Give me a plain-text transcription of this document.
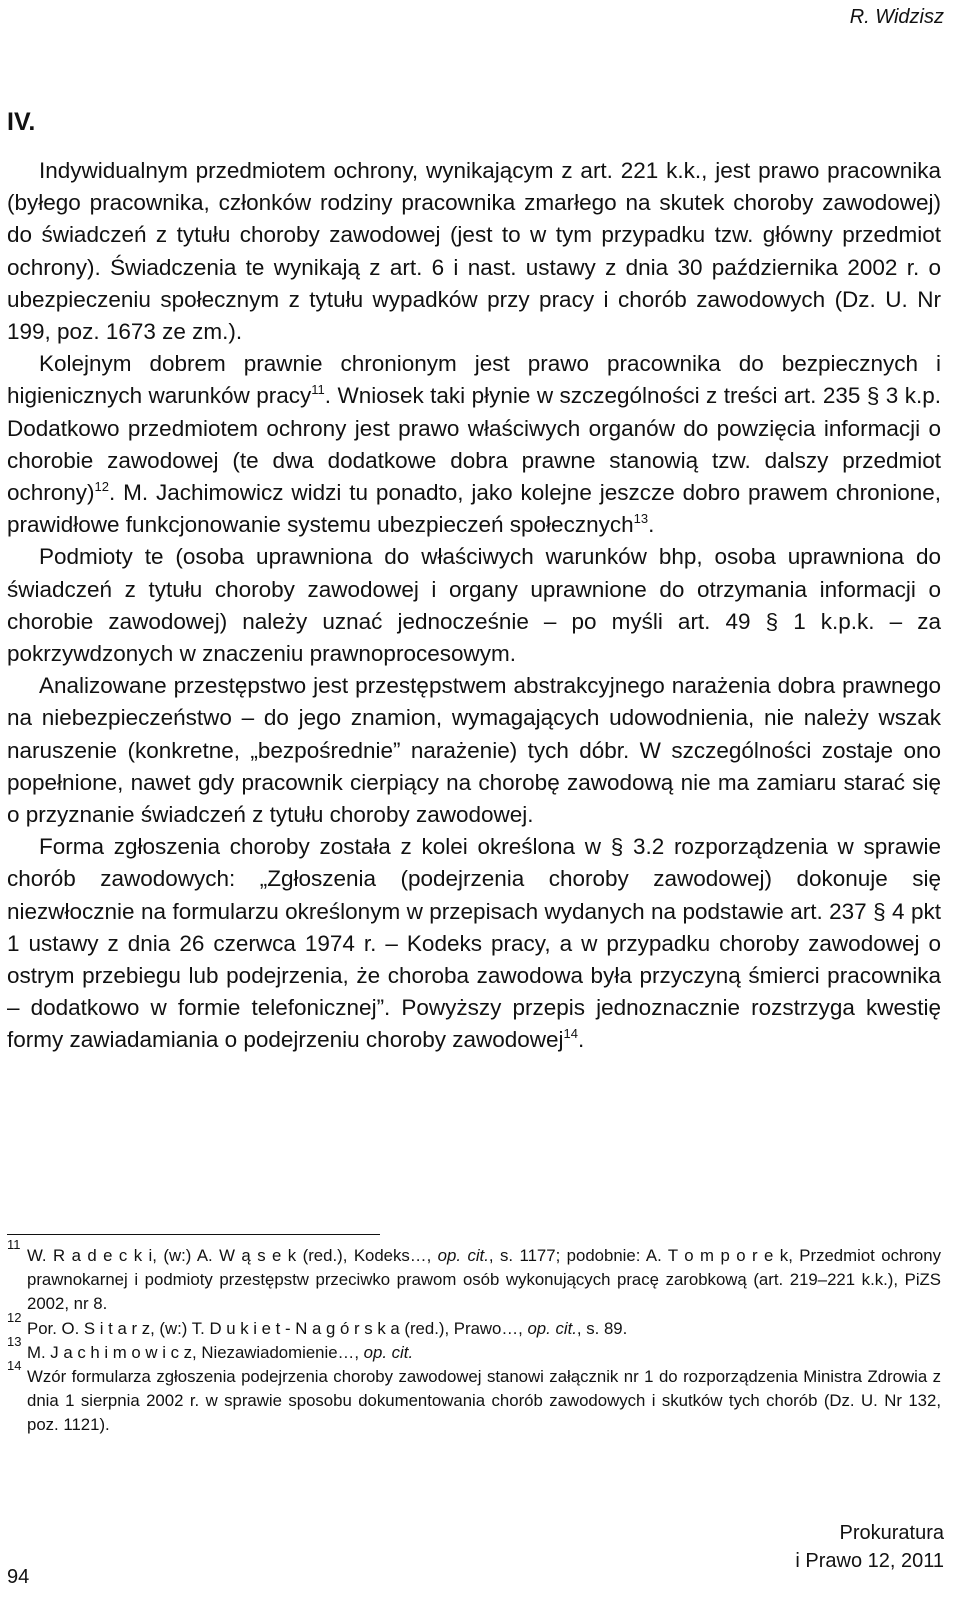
R. Widzisz

IV.

Indywidualnym przedmiotem ochrony, wynikającym z art. 221 k.k., jest prawo pracownika (byłego pracownika, członków rodziny pracownika zmarłego na skutek choroby zawodowej) do świadczeń z tytułu choroby zawodowej (jest to w tym przypadku tzw. główny przedmiot ochrony). Świadczenia te wynikają z art. 6 i nast. ustawy z dnia 30 października 2002 r. o ubezpieczeniu społecznym z tytułu wypadków przy pracy i chorób zawodowych (Dz. U. Nr 199, poz. 1673 ze zm.).

Kolejnym dobrem prawnie chronionym jest prawo pracownika do bezpiecznych i higienicznych warunków pracy$^{11}$. Wniosek taki płynie w szczególności z treści art. 235 § 3 k.p. Dodatkowo przedmiotem ochrony jest prawo właściwych organów do powzięcia informacji o chorobie zawodowej (te dwa dodatkowe dobra prawne stanowią tzw. dalszy przedmiot ochrony)$^{12}$. M. Jachimowicz widzi tu ponadto, jako kolejne jeszcze dobro prawem chronione, prawidłowe funkcjonowanie systemu ubezpieczeń społecznych$^{13}$.

Podmioty te (osoba uprawniona do właściwych warunków bhp, osoba uprawniona do świadczeń z tytułu choroby zawodowej i organy uprawnione do otrzymania informacji o chorobie zawodowej) należy uznać jednocześnie – po myśli art. 49 § 1 k.p.k. – za pokrzywdzonych w znaczeniu prawnoprocesowym.

Analizowane przestępstwo jest przestępstwem abstrakcyjnego narażenia dobra prawnego na niebezpieczeństwo – do jego znamion, wymagających udowodnienia, nie należy wszak naruszenie (konkretne, „bezpośrednie” narażenie) tych dóbr. W szczególności zostaje ono popełnione, nawet gdy pracownik cierpiący na chorobę zawodową nie ma zamiaru starać się o przyznanie świadczeń z tytułu choroby zawodowej.

Forma zgłoszenia choroby została z kolei określona w § 3.2 rozporządzenia w sprawie chorób zawodowych: „Zgłoszenia (podejrzenia choroby zawodowej) dokonuje się niezwłocznie na formularzu określonym w przepisach wydanych na podstawie art. 237 § 4 pkt 1 ustawy z dnia 26 czerwca 1974 r. – Kodeks pracy, a w przypadku choroby zawodowej o ostrym przebiegu lub podejrzenia, że choroba zawodowa była przyczyną śmierci pracownika – dodatkowo w formie telefonicznej”. Powyższy przepis jednoznacznie rozstrzyga kwestię formy zawiadamiania o podejrzeniu choroby zawodowej$^{14}$.

11
W. R a d e c k i, (w:) A. W ą s e k (red.), Kodeks…, op. cit., s. 1177; podobnie: A. T o m p o r e k, Przedmiot ochrony prawnokarnej i podmioty przestępstw przeciwko prawom osób wykonujących pracę zarobkową (art. 219–221 k.k.), PiZS 2002, nr 8.

12
Por. O. S i t a r z, (w:) T. D u k i e t - N a g ó r s k a (red.), Prawo…, op. cit., s. 89.

13
M. J a c h i m o w i c z, Niezawiadomienie…, op. cit.

14
Wzór formularza zgłoszenia podejrzenia choroby zawodowej stanowi załącznik nr 1 do rozporządzenia Ministra Zdrowia z dnia 1 sierpnia 2002 r. w sprawie sposobu dokumentowania chorób zawodowych i skutków tych chorób (Dz. U. Nr 132, poz. 1121).

94

Prokuratura
i Prawo 12, 2011
